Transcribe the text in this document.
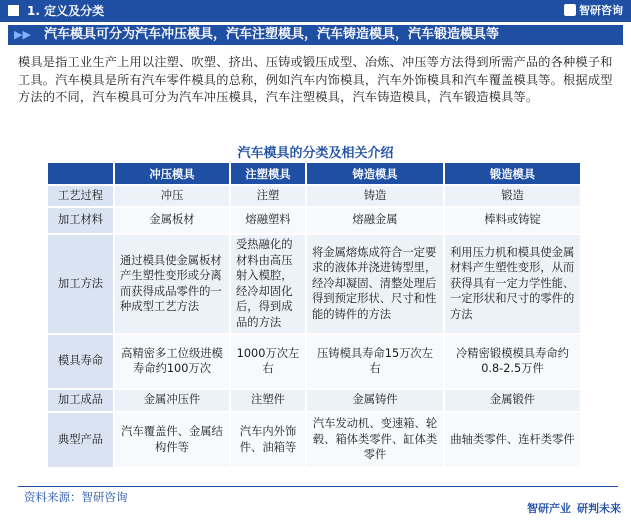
1. 定义及分类	智研咨询
▶▶ 汽车模具可分为汽车冲压模具，汽车注塑模具，汽车铸造模具，汽车锻造模具等
模具是指工业生产上用以注塑、吹塑、挤出、压铸或锻压成型、冶炼、冲压等方法得到所需产品的各种模子和工具。汽车模具是所有汽车零件模具的总称，例如汽车内饰模具，汽车外饰模具和汽车覆盖模具等。根据成型方法的不同，汽车模具可分为汽车冲压模具，汽车注塑模具，汽车铸造模具，汽车锻造模具等。
汽车模具的分类及相关介绍
	冲压模具	注塑模具	铸造模具	锻造模具
工艺过程	冲压	注塑	铸造	锻造
加工材料	金属板材	熔融塑料	熔融金属	棒料或铸锭
加工方法	通过模具使金属板材产生塑性变形或分离而获得成品零件的一种成型工艺方法	受热融化的材料由高压射入模腔，经冷却固化后，得到成品的方法	将金属熔炼成符合一定要求的液体并浇进铸型里，经冷却凝固、清整处理后得到预定形状、尺寸和性能的铸件的方法	利用压力机和模具使金属材料产生塑性变形，从而获得具有一定力学性能、一定形状和尺寸的零件的方法
模具寿命	高精密多工位级进模寿命约100万次	1000万次左右	压铸模具寿命15万次左右	冷精密锻模模具寿命约0.8-2.5万件
加工成品	金属冲压件	注塑件	金属铸件	金属锻件
典型产品	汽车覆盖件、金属结构件等	汽车内外饰件、油箱等	汽车发动机、变速箱、轮毂、箱体类零件、缸体类零件	曲轴类零件、连杆类零件
资料来源：智研咨询
智研产业 研判未来
